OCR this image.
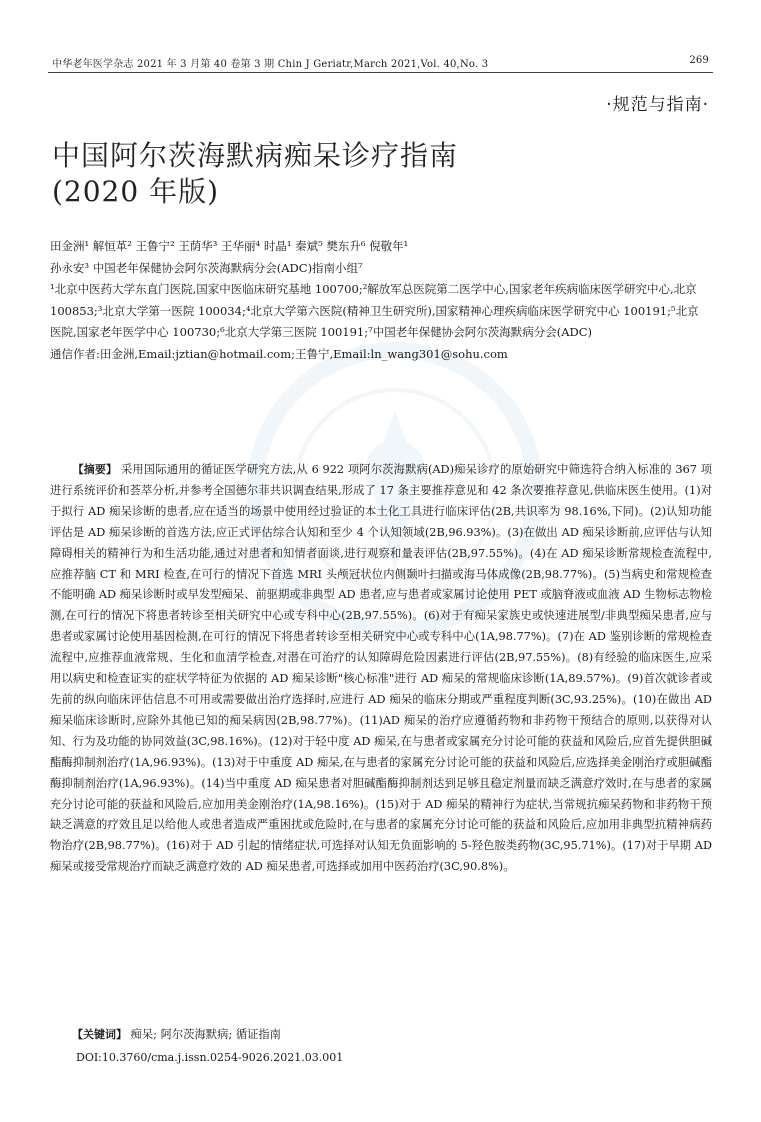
中华老年医学杂志 2021 年 3 月第 40 卷第 3 期 Chin J Geriatr,March 2021,Vol. 40,No. 3	269
·规范与指南·
中国阿尔茨海默病痴呆诊疗指南
(2020 年版)

田金洲¹ 解恒革² 王鲁宁² 王荫华³ 王华丽⁴ 时晶¹ 秦斌⁵ 樊东升⁶ 倪敬年¹

孙永安³ 中国老年保健协会阿尔茨海默病分会(ADC)指南小组⁷

¹北京中医药大学东直门医院,国家中医临床研究基地 100700;²解放军总医院第二医学中心,国家老年疾病临床医学研究中心,北京 100853;³北京大学第一医院 100034;⁴北京大学第六医院(精神卫生研究所),国家精神心理疾病临床医学研究中心 100191;⁵北京医院,国家老年医学中心 100730;⁶北京大学第三医院 100191;⁷中国老年保健协会阿尔茨海默病分会(ADC)

通信作者:田金洲,Email:jztian@hotmail.com;王鲁宁,Email:ln_wang301@sohu.com

【摘要】 采用国际通用的循证医学研究方法,从 6 922 项阿尔茨海默病(AD)痴呆诊疗的原始研究中筛选符合纳入标准的 367 项进行系统评价和荟萃分析,并参考全国德尔菲共识调查结果,形成了 17 条主要推荐意见和 42 条次要推荐意见,供临床医生使用。(1)对于拟行 AD 痴呆诊断的患者,应在适当的场景中使用经过验证的本土化工具进行临床评估(2B,共识率为 98.16%,下同)。(2)认知功能评估是 AD 痴呆诊断的首选方法,应正式评估综合认知和至少 4 个认知领域(2B,96.93%)。(3)在做出 AD 痴呆诊断前,应评估与认知障碍相关的精神行为和生活功能,通过对患者和知情者面谈,进行观察和量表评估(2B,97.55%)。(4)在 AD 痴呆诊断常规检查流程中,应推荐脑 CT 和 MRI 检查,在可行的情况下首选 MRI 头颅冠状位内侧颞叶扫描或海马体成像(2B,98.77%)。(5)当病史和常规检查不能明确 AD 痴呆诊断时或早发型痴呆、前驱期或非典型 AD 患者,应与患者或家属讨论使用 PET 或脑脊液或血液 AD 生物标志物检测,在可行的情况下将患者转诊至相关研究中心或专科中心(2B,97.55%)。(6)对于有痴呆家族史或快速进展型/非典型痴呆患者,应与患者或家属讨论使用基因检测,在可行的情况下将患者转诊至相关研究中心或专科中心(1A,98.77%)。(7)在 AD 鉴别诊断的常规检查流程中,应推荐血液常规、生化和血清学检查,对潜在可治疗的认知障碍危险因素进行评估(2B,97.55%)。(8)有经验的临床医生,应采用以病史和检查证实的症状学特征为依据的 AD 痴呆诊断"核心标准"进行 AD 痴呆的常规临床诊断(1A,89.57%)。(9)首次就诊者或先前的纵向临床评估信息不可用或需要做出治疗选择时,应进行 AD 痴呆的临床分期或严重程度判断(3C,93.25%)。(10)在做出 AD 痴呆临床诊断时,应除外其他已知的痴呆病因(2B,98.77%)。(11)AD 痴呆的治疗应遵循药物和非药物干预结合的原则,以获得对认知、行为及功能的协同效益(3C,98.16%)。(12)对于轻中度 AD 痴呆,在与患者或家属充分讨论可能的获益和风险后,应首先提供胆碱酯酶抑制剂治疗(1A,96.93%)。(13)对于中重度 AD 痴呆,在与患者的家属充分讨论可能的获益和风险后,应选择美金刚治疗或胆碱酯酶抑制剂治疗(1A,96.93%)。(14)当中重度 AD 痴呆患者对胆碱酯酶抑制剂达到足够且稳定剂量而缺乏满意疗效时,在与患者的家属充分讨论可能的获益和风险后,应加用美金刚治疗(1A,98.16%)。(15)对于 AD 痴呆的精神行为症状,当常规抗痴呆药物和非药物干预缺乏满意的疗效且足以给他人或患者造成严重困扰或危险时,在与患者的家属充分讨论可能的获益和风险后,应加用非典型抗精神病药物治疗(2B,98.77%)。(16)对于 AD 引起的情绪症状,可选择对认知无负面影响的 5-羟色胺类药物(3C,95.71%)。(17)对于早期 AD 痴呆或接受常规治疗而缺乏满意疗效的 AD 痴呆患者,可选择或加用中医药治疗(3C,90.8%)。

【关键词】 痴呆; 阿尔茨海默病; 循证指南
DOI:10.3760/cma.j.issn.0254-9026.2021.03.001
